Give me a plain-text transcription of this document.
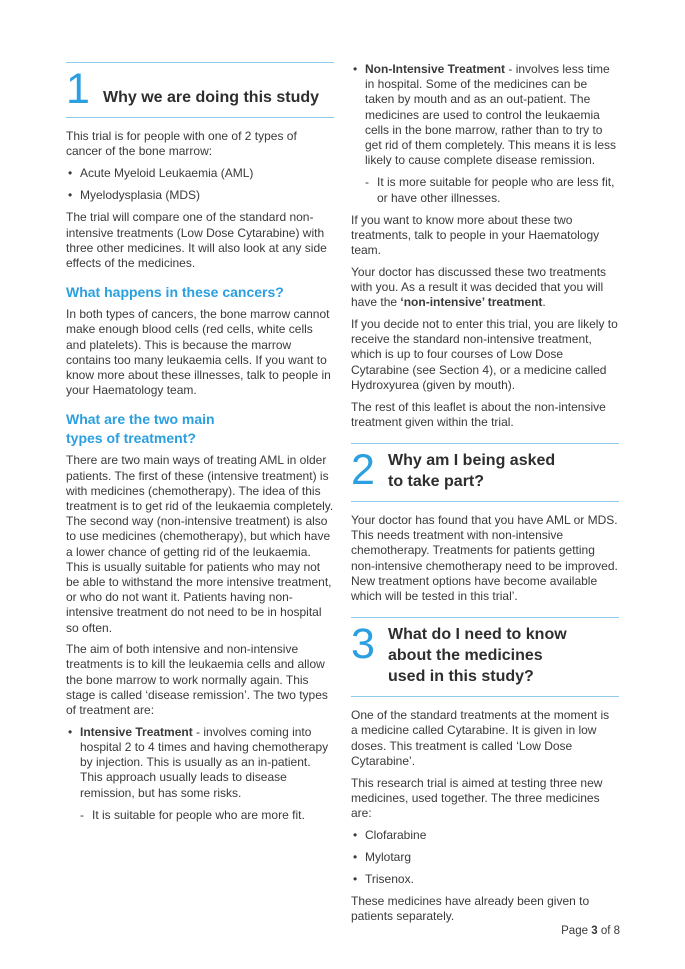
1 Why we are doing this study
This trial is for people with one of 2 types of cancer of the bone marrow:
• Acute Myeloid Leukaemia (AML)
• Myelodysplasia (MDS)
The trial will compare one of the standard non-intensive treatments (Low Dose Cytarabine) with three other medicines. It will also look at any side effects of the medicines.
What happens in these cancers?
In both types of cancers, the bone marrow cannot make enough blood cells (red cells, white cells and platelets). This is because the marrow contains too many leukaemia cells. If you want to know more about these illnesses, talk to people in your Haematology team.
What are the two main
types of treatment?
There are two main ways of treating AML in older patients. The first of these (intensive treatment) is with medicines (chemotherapy). The idea of this treatment is to get rid of the leukaemia completely. The second way (non-intensive treatment) is also to use medicines (chemotherapy), but which have a lower chance of getting rid of the leukaemia. This is usually suitable for patients who may not be able to withstand the more intensive treatment, or who do not want it. Patients having non-intensive treatment do not need to be in hospital so often.
The aim of both intensive and non-intensive treatments is to kill the leukaemia cells and allow the bone marrow to work normally again. This stage is called ‘disease remission’. The two types of treatment are:
• Intensive Treatment - involves coming into hospital 2 to 4 times and having chemotherapy by injection. This is usually as an in-patient. This approach usually leads to disease remission, but has some risks.
- It is suitable for people who are more fit.
• Non-Intensive Treatment - involves less time in hospital. Some of the medicines can be taken by mouth and as an out-patient. The medicines are used to control the leukaemia cells in the bone marrow, rather than to try to get rid of them completely. This means it is less likely to cause complete disease remission.
- It is more suitable for people who are less fit, or have other illnesses.
If you want to know more about these two treatments, talk to people in your Haematology team.
Your doctor has discussed these two treatments with you. As a result it was decided that you will have the ‘non-intensive’ treatment.
If you decide not to enter this trial, you are likely to receive the standard non-intensive treatment, which is up to four courses of Low Dose Cytarabine (see Section 4), or a medicine called Hydroxyurea (given by mouth).
The rest of this leaflet is about the non-intensive treatment given within the trial.
2 Why am I being asked
to take part?
Your doctor has found that you have AML or MDS. This needs treatment with non-intensive chemotherapy. Treatments for patients getting non-intensive chemotherapy need to be improved. New treatment options have become available which will be tested in this trial’.
3 What do I need to know
about the medicines
used in this study?
One of the standard treatments at the moment is a medicine called Cytarabine. It is given in low doses. This treatment is called ‘Low Dose Cytarabine’.
This research trial is aimed at testing three new medicines, used together. The three medicines are:
• Clofarabine
• Mylotarg
• Trisenox.
These medicines have already been given to patients separately.
Page 3 of 8
